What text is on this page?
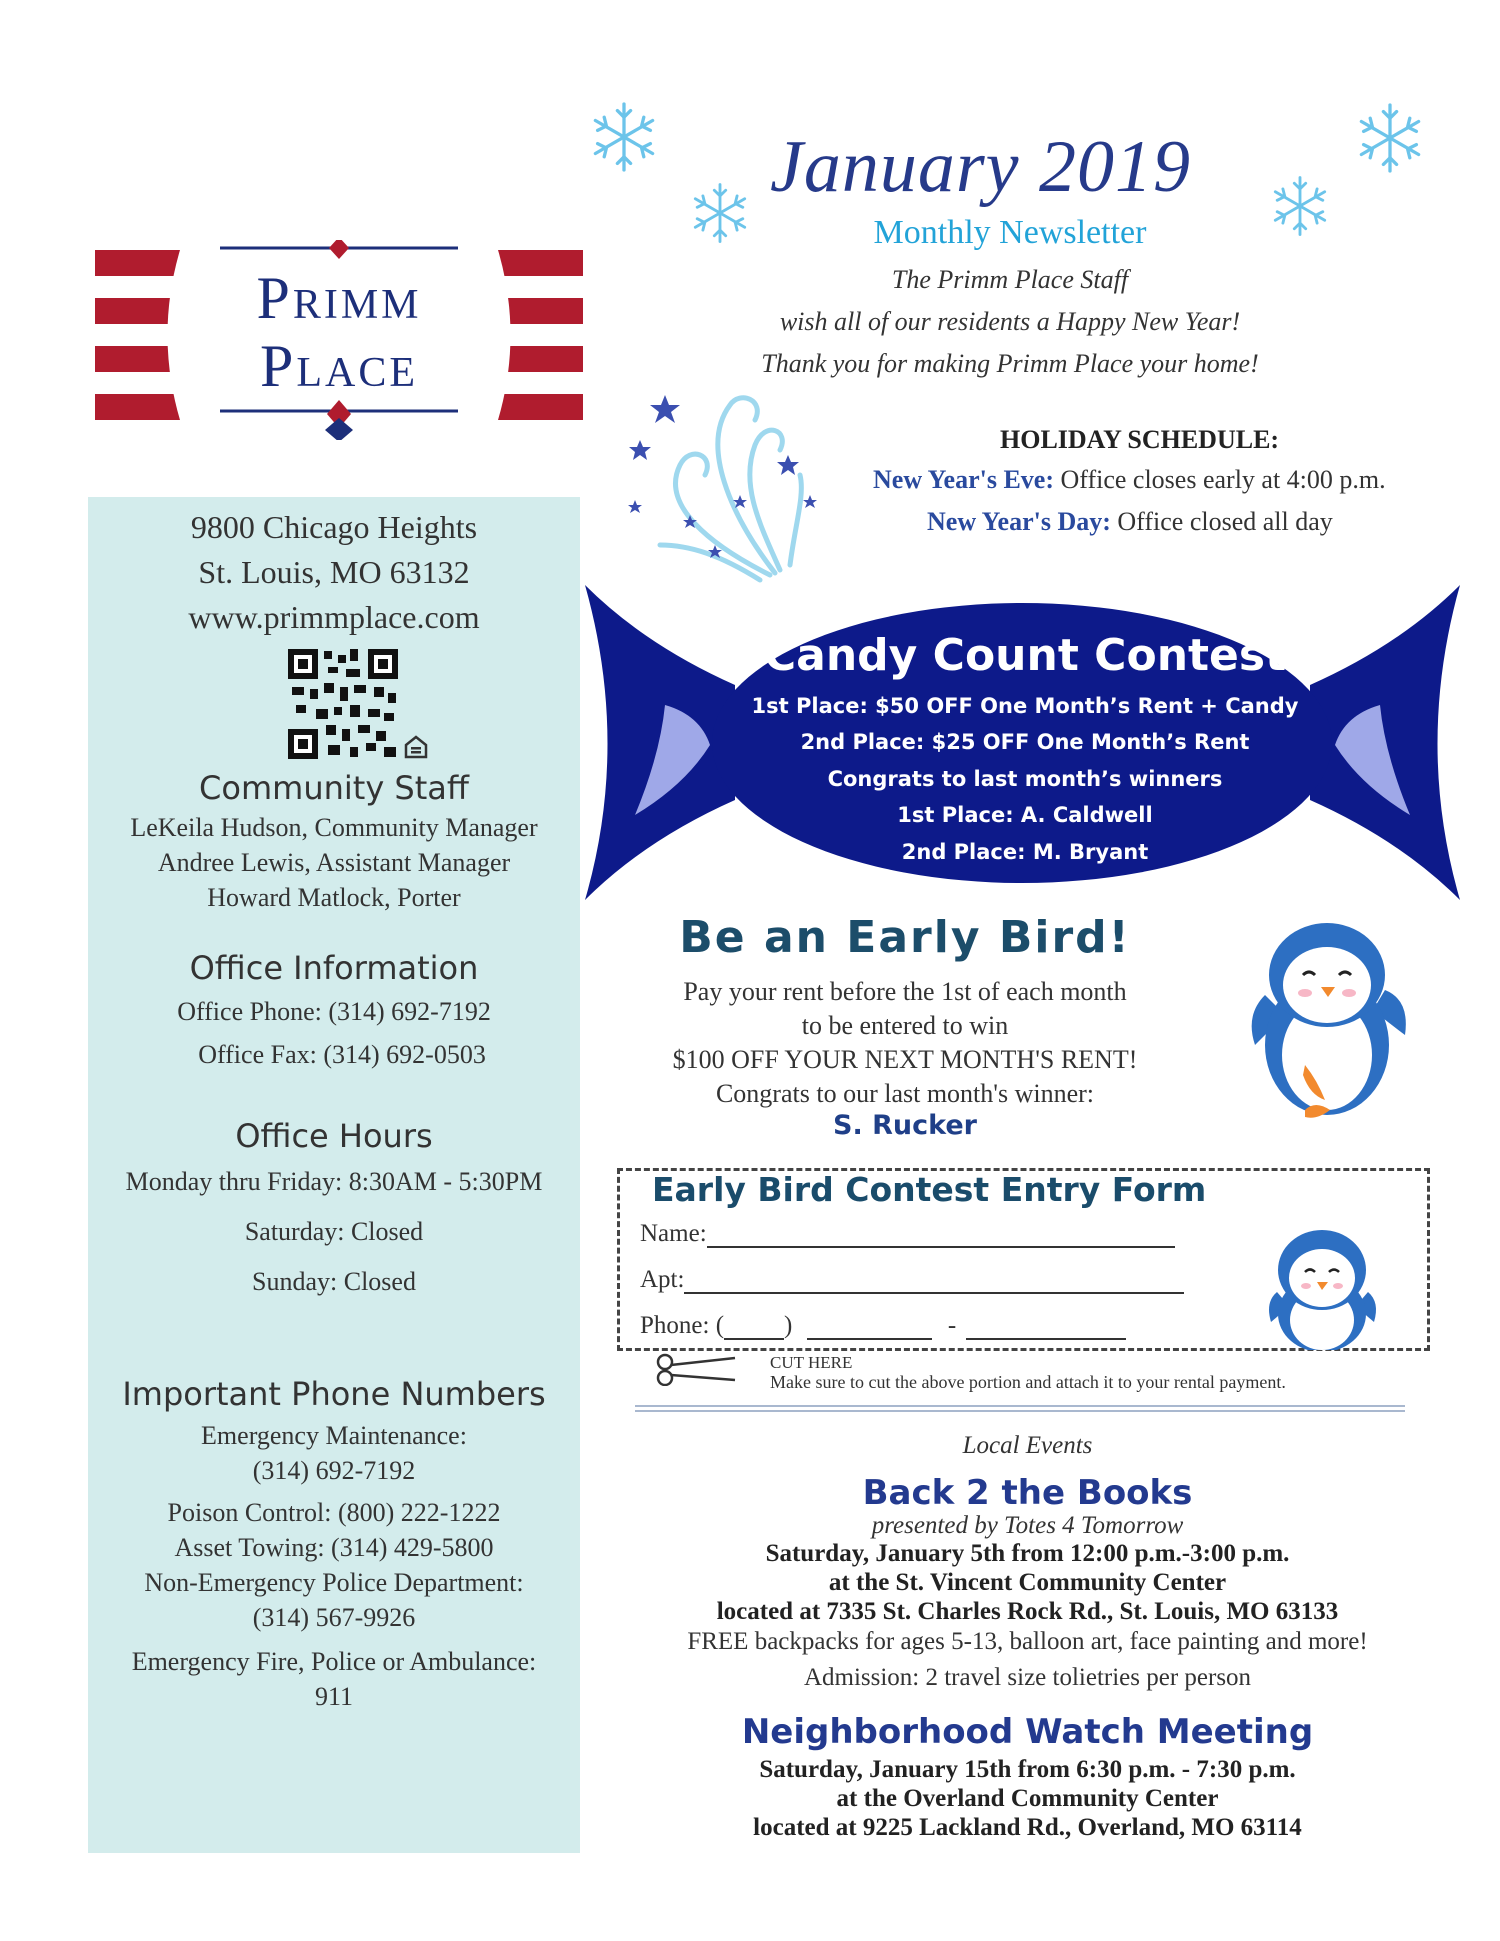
Primm
Place
9800 Chicago Heights
St. Louis, MO 63132
www.primmplace.com
Community Staff
LeKeila Hudson, Community Manager
Andree Lewis, Assistant Manager
Howard Matlock, Porter
Office Information
Office Phone: (314) 692-7192
Office Fax: (314) 692-0503
Office Hours
Monday thru Friday: 8:30AM - 5:30PM
Saturday: Closed
Sunday: Closed
Important Phone Numbers
Emergency Maintenance:
(314) 692-7192
Poison Control: (800) 222-1222
Asset Towing: (314) 429-5800
Non-Emergency Police Department:
(314) 567-9926
Emergency Fire, Police or Ambulance:
911
January 2019
Monthly Newsletter
The Primm Place Staff
wish all of our residents a Happy New Year!
Thank you for making Primm Place your home!
HOLIDAY SCHEDULE:
New Year's Eve: Office closes early at 4:00 p.m.
New Year's Day: Office closed all day
Candy Count Contest
1st Place: $50 OFF One Month’s Rent + Candy
2nd Place: $25 OFF One Month’s Rent
Congrats to last month’s winners
1st Place: A. Caldwell
2nd Place: M. Bryant
Be an Early Bird!
Pay your rent before the 1st of each month
to be entered to win
$100 OFF YOUR NEXT MONTH'S RENT!
Congrats to our last month's winner:
S. Rucker
Early Bird Contest Entry Form
Name:
Apt:
Phone: ( )	-
CUT HERE
Make sure to cut the above portion and attach it to your rental payment.
Local Events
Back 2 the Books
presented by Totes 4 Tomorrow
Saturday, January 5th from 12:00 p.m.-3:00 p.m.
at the St. Vincent Community Center
located at 7335 St. Charles Rock Rd., St. Louis, MO 63133
FREE backpacks for ages 5-13, balloon art, face painting and more!
Admission: 2 travel size tolietries per person
Neighborhood Watch Meeting
Saturday, January 15th from 6:30 p.m. - 7:30 p.m.
at the Overland Community Center
located at 9225 Lackland Rd., Overland, MO 63114
